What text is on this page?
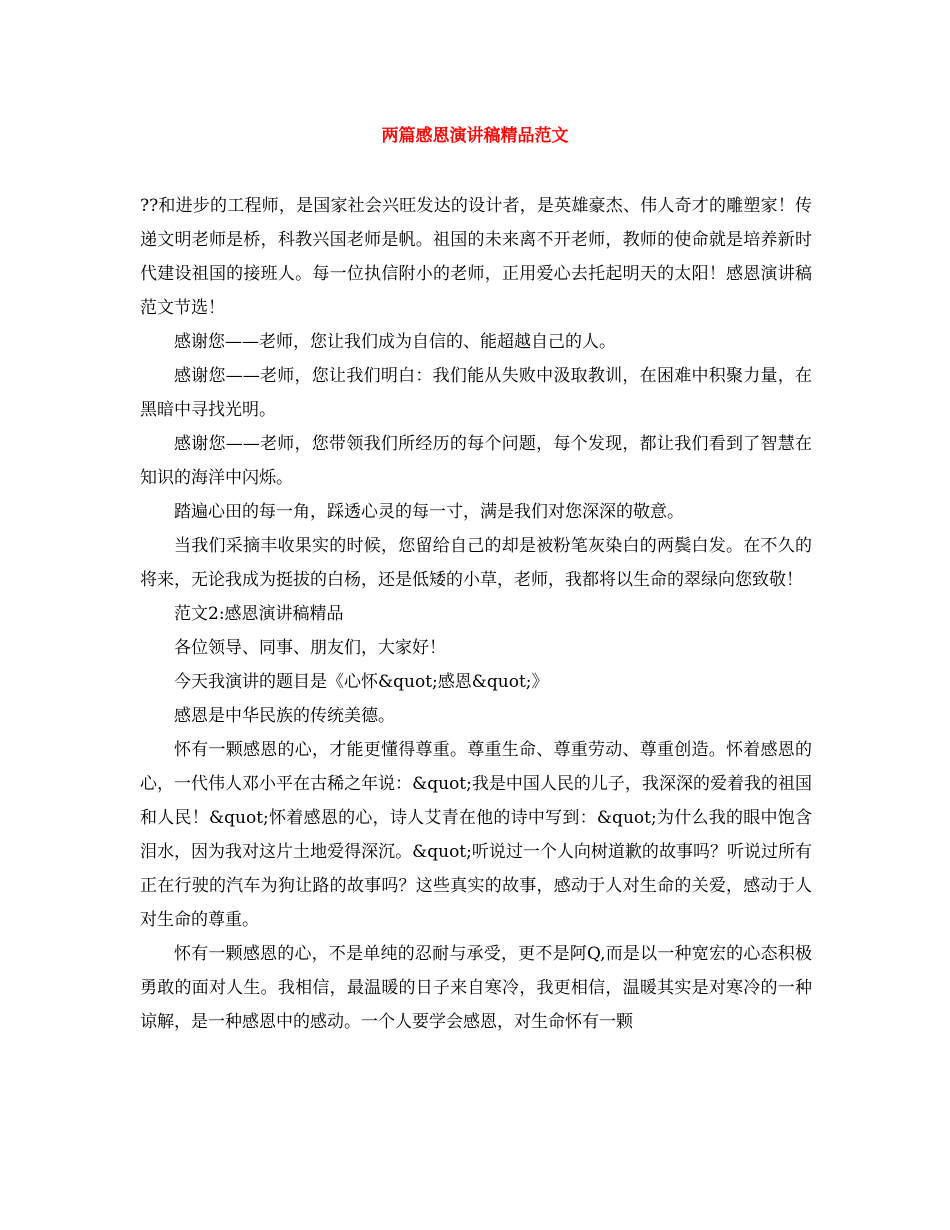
两篇感恩演讲稿精品范文

??和进步的工程师，是国家社会兴旺发达的设计者，是英雄豪杰、伟人奇才的雕塑家！传递文明老师是桥，科教兴国老师是帆。祖国的未来离不开老师，教师的使命就是培养新时代建设祖国的接班人。每一位执信附小的老师，正用爱心去托起明天的太阳！感恩演讲稿范文节选！

感谢您——老师，您让我们成为自信的、能超越自己的人。

感谢您——老师，您让我们明白：我们能从失败中汲取教训，在困难中积聚力量，在黑暗中寻找光明。

感谢您——老师，您带领我们所经历的每个问题，每个发现，都让我们看到了智慧在知识的海洋中闪烁。

踏遍心田的每一角，踩透心灵的每一寸，满是我们对您深深的敬意。

当我们采摘丰收果实的时候，您留给自己的却是被粉笔灰染白的两鬓白发。在不久的将来，无论我成为挺拔的白杨，还是低矮的小草，老师，我都将以生命的翠绿向您致敬！

范文2:感恩演讲稿精品

各位领导、同事、朋友们，大家好！

今天我演讲的题目是《心怀&quot;感恩&quot;》

感恩是中华民族的传统美德。

怀有一颗感恩的心，才能更懂得尊重。尊重生命、尊重劳动、尊重创造。怀着感恩的心，一代伟人邓小平在古稀之年说：&quot;我是中国人民的儿子，我深深的爱着我的祖国和人民！&quot;怀着感恩的心，诗人艾青在他的诗中写到：&quot;为什么我的眼中饱含泪水，因为我对这片土地爱得深沉。&quot;听说过一个人向树道歉的故事吗？听说过所有正在行驶的汽车为狗让路的故事吗？这些真实的故事，感动于人对生命的关爱，感动于人对生命的尊重。

怀有一颗感恩的心，不是单纯的忍耐与承受，更不是阿Q,而是以一种宽宏的心态积极勇敢的面对人生。我相信，最温暖的日子来自寒冷，我更相信，温暖其实是对寒冷的一种谅解，是一种感恩中的感动。一个人要学会感恩，对生命怀有一颗
